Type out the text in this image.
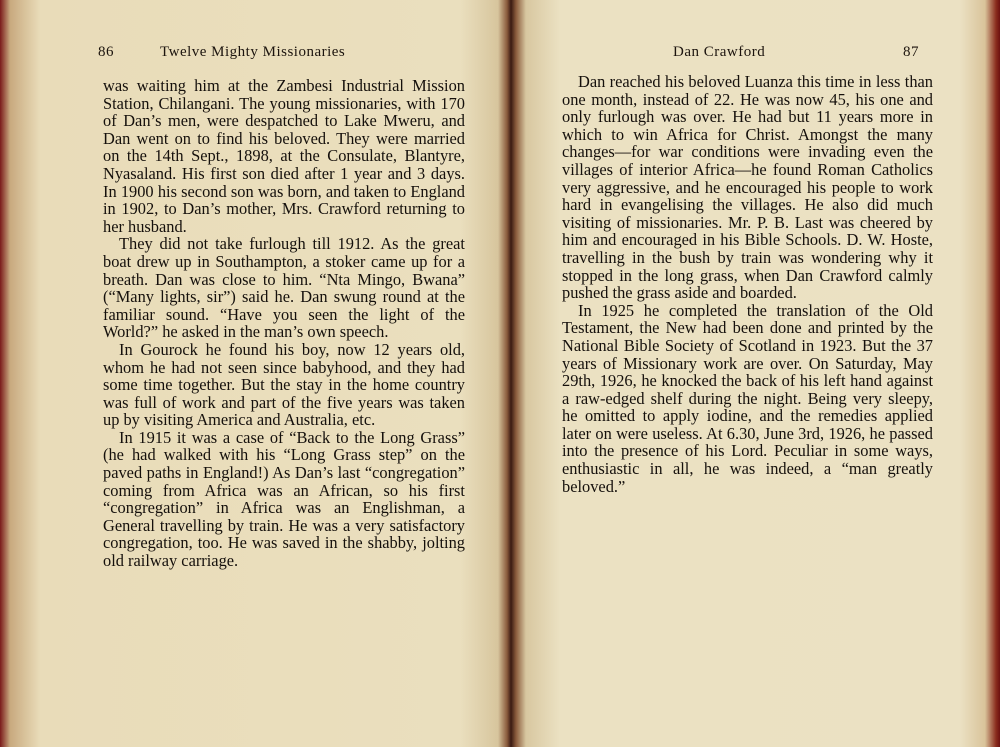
86	Twelve Mighty Missionaries

was waiting him at the Zambesi Industrial Mission Station, Chilangani. The young missionaries, with 170 of Dan’s men, were despatched to Lake Mweru, and Dan went on to find his beloved. They were married on the 14th Sept., 1898, at the Consulate, Blantyre, Nyasaland. His first son died after 1 year and 3 days. In 1900 his second son was born, and taken to England in 1902, to Dan’s mother, Mrs. Crawford returning to her husband.

They did not take furlough till 1912. As the great boat drew up in Southampton, a stoker came up for a breath. Dan was close to him. “Nta Mingo, Bwana” (“Many lights, sir”) said he. Dan swung round at the familiar sound. “Have you seen the light of the World?” he asked in the man’s own speech.

In Gourock he found his boy, now 12 years old, whom he had not seen since babyhood, and they had some time together. But the stay in the home country was full of work and part of the five years was taken up by visiting America and Australia, etc.

In 1915 it was a case of “Back to the Long Grass” (he had walked with his “Long Grass step” on the paved paths in England!) As Dan’s last “congregation” coming from Africa was an African, so his first “congregation” in Africa was an Englishman, a General travelling by train. He was a very satisfactory congregation, too. He was saved in the shabby, jolting old railway carriage.

Dan Crawford	87

Dan reached his beloved Luanza this time in less than one month, instead of 22. He was now 45, his one and only furlough was over. He had but 11 years more in which to win Africa for Christ. Amongst the many changes—for war conditions were invading even the villages of interior Africa—he found Roman Catholics very aggressive, and he encouraged his people to work hard in evangelising the villages. He also did much visiting of missionaries. Mr. P. B. Last was cheered by him and encouraged in his Bible Schools. D. W. Hoste, travelling in the bush by train was wondering why it stopped in the long grass, when Dan Crawford calmly pushed the grass aside and boarded.

In 1925 he completed the translation of the Old Testament, the New had been done and printed by the National Bible Society of Scotland in 1923. But the 37 years of Missionary work are over. On Saturday, May 29th, 1926, he knocked the back of his left hand against a raw-edged shelf during the night. Being very sleepy, he omitted to apply iodine, and the remedies applied later on were useless. At 6.30, June 3rd, 1926, he passed into the presence of his Lord. Peculiar in some ways, enthusiastic in all, he was indeed, a “man greatly beloved.”
